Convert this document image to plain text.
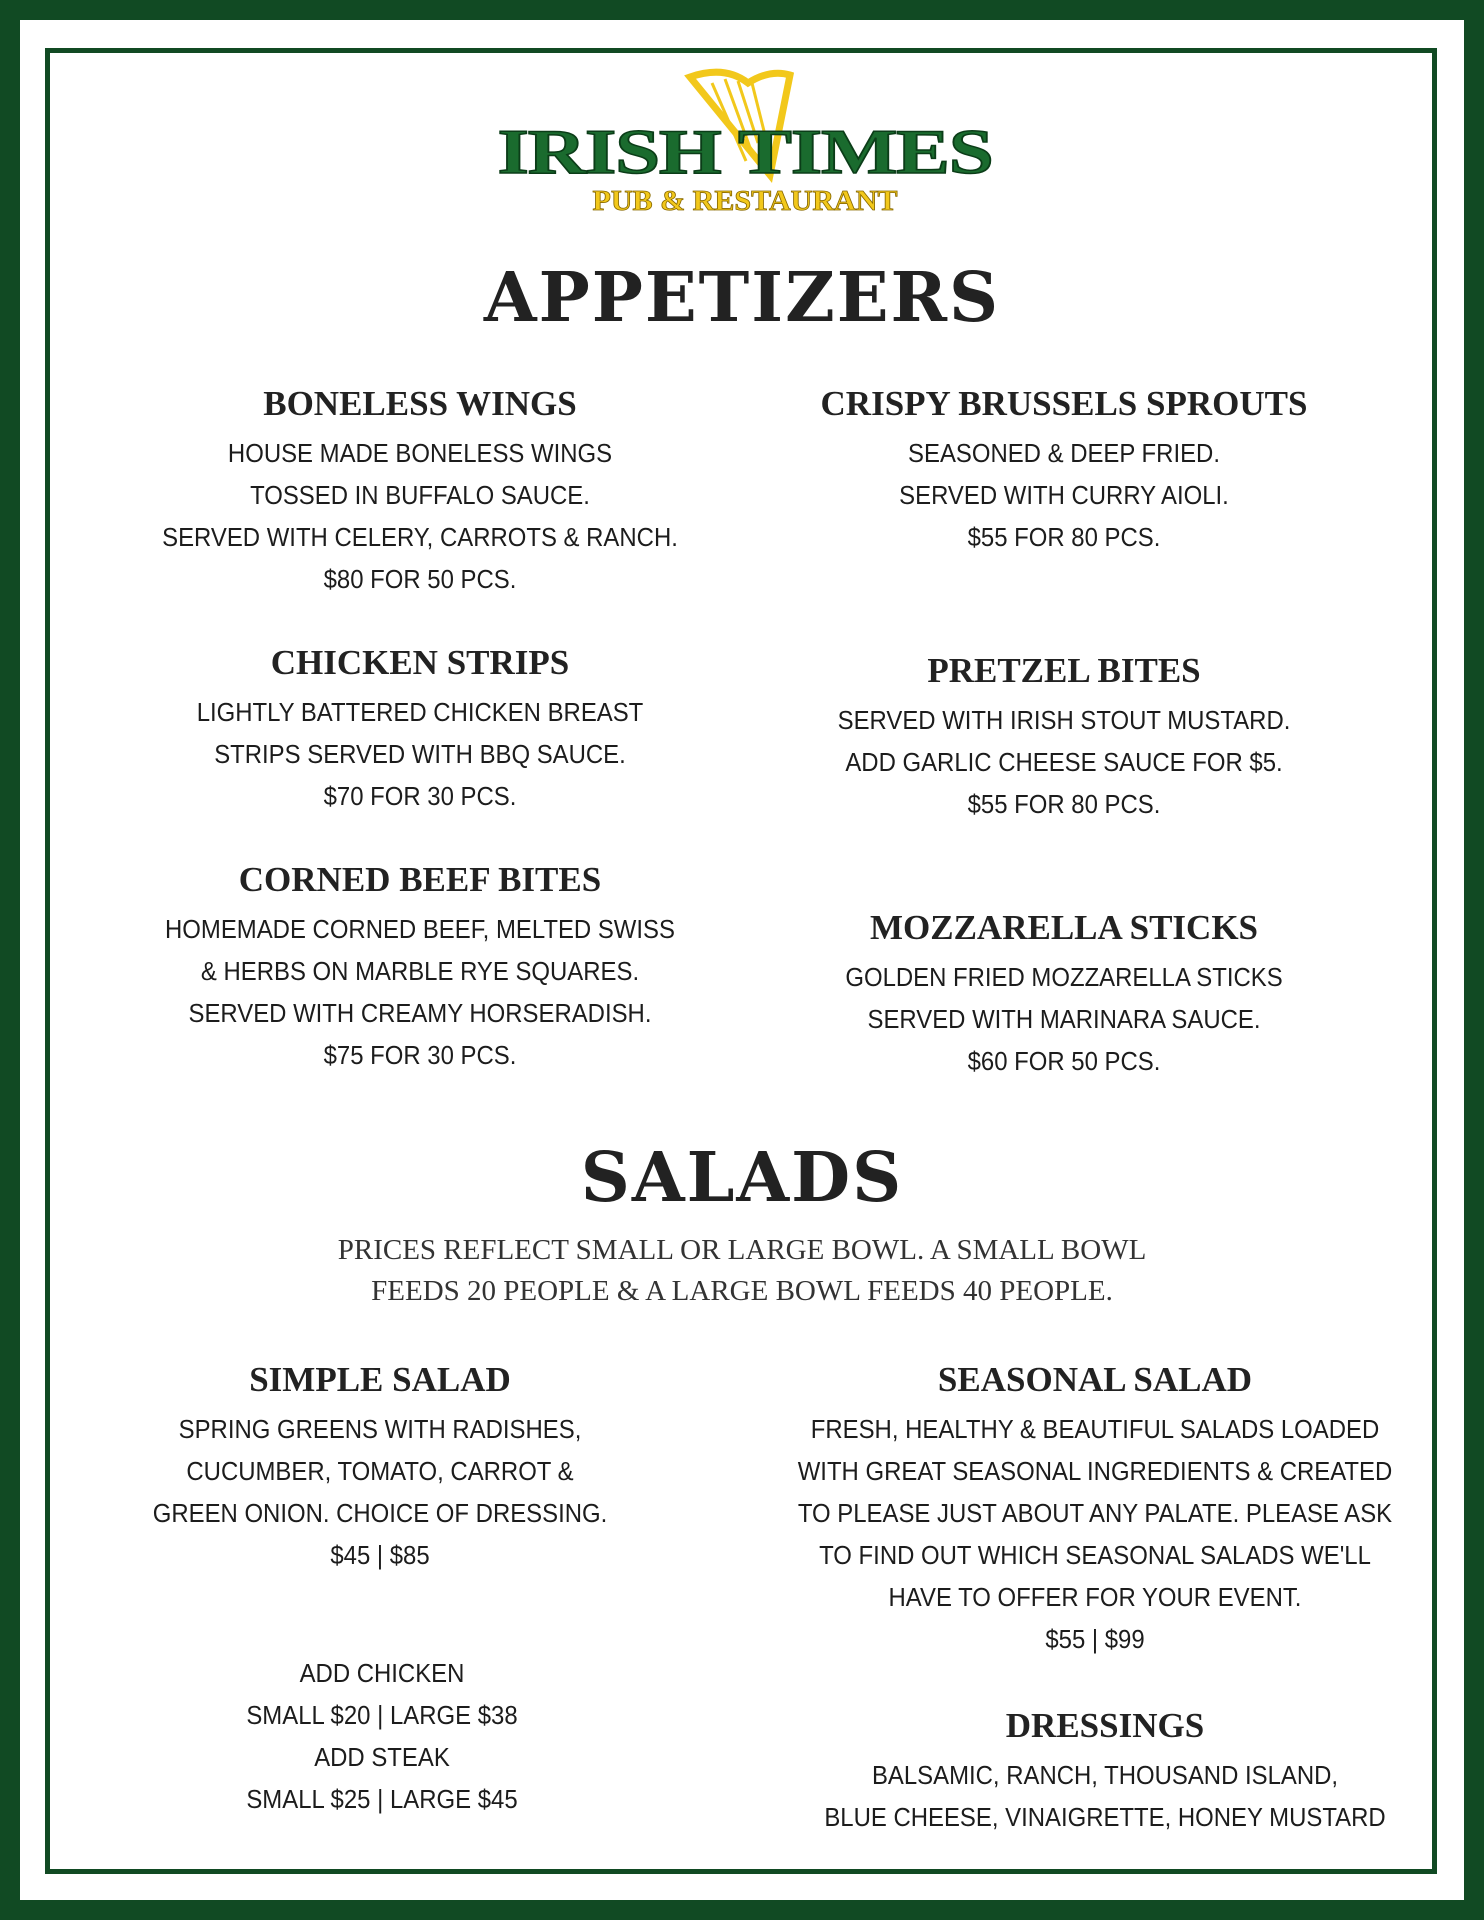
IRISH TIMES
PUB & RESTAURANT
APPETIZERS
BONELESS WINGS

HOUSE MADE BONELESS WINGS

TOSSED IN BUFFALO SAUCE.

SERVED WITH CELERY, CARROTS & RANCH.

$80 FOR 50 PCS.

CRISPY BRUSSELS SPROUTS

SEASONED & DEEP FRIED.

SERVED WITH CURRY AIOLI.

$55 FOR 80 PCS.

CHICKEN STRIPS

LIGHTLY BATTERED CHICKEN BREAST

STRIPS SERVED WITH BBQ SAUCE.

$70 FOR 30 PCS.

PRETZEL BITES

SERVED WITH IRISH STOUT MUSTARD.

ADD GARLIC CHEESE SAUCE FOR $5.

$55 FOR 80 PCS.

CORNED BEEF BITES

HOMEMADE CORNED BEEF, MELTED SWISS

& HERBS ON MARBLE RYE SQUARES.

SERVED WITH CREAMY HORSERADISH.

$75 FOR 30 PCS.

MOZZARELLA STICKS

GOLDEN FRIED MOZZARELLA STICKS

SERVED WITH MARINARA SAUCE.

$60 FOR 50 PCS.

SALADS

PRICES REFLECT SMALL OR LARGE BOWL. A SMALL BOWL
FEEDS 20 PEOPLE & A LARGE BOWL FEEDS 40 PEOPLE.

SIMPLE SALAD

SPRING GREENS WITH RADISHES,

CUCUMBER, TOMATO, CARROT &

GREEN ONION. CHOICE OF DRESSING.

$45 | $85

SEASONAL SALAD

FRESH, HEALTHY & BEAUTIFUL SALADS LOADED

WITH GREAT SEASONAL INGREDIENTS & CREATED

TO PLEASE JUST ABOUT ANY PALATE. PLEASE ASK

TO FIND OUT WHICH SEASONAL SALADS WE'LL

HAVE TO OFFER FOR YOUR EVENT.

$55 | $99

ADD CHICKEN

SMALL $20 | LARGE $38

ADD STEAK

SMALL $25 | LARGE $45

DRESSINGS

BALSAMIC, RANCH, THOUSAND ISLAND,

BLUE CHEESE, VINAIGRETTE, HONEY MUSTARD
